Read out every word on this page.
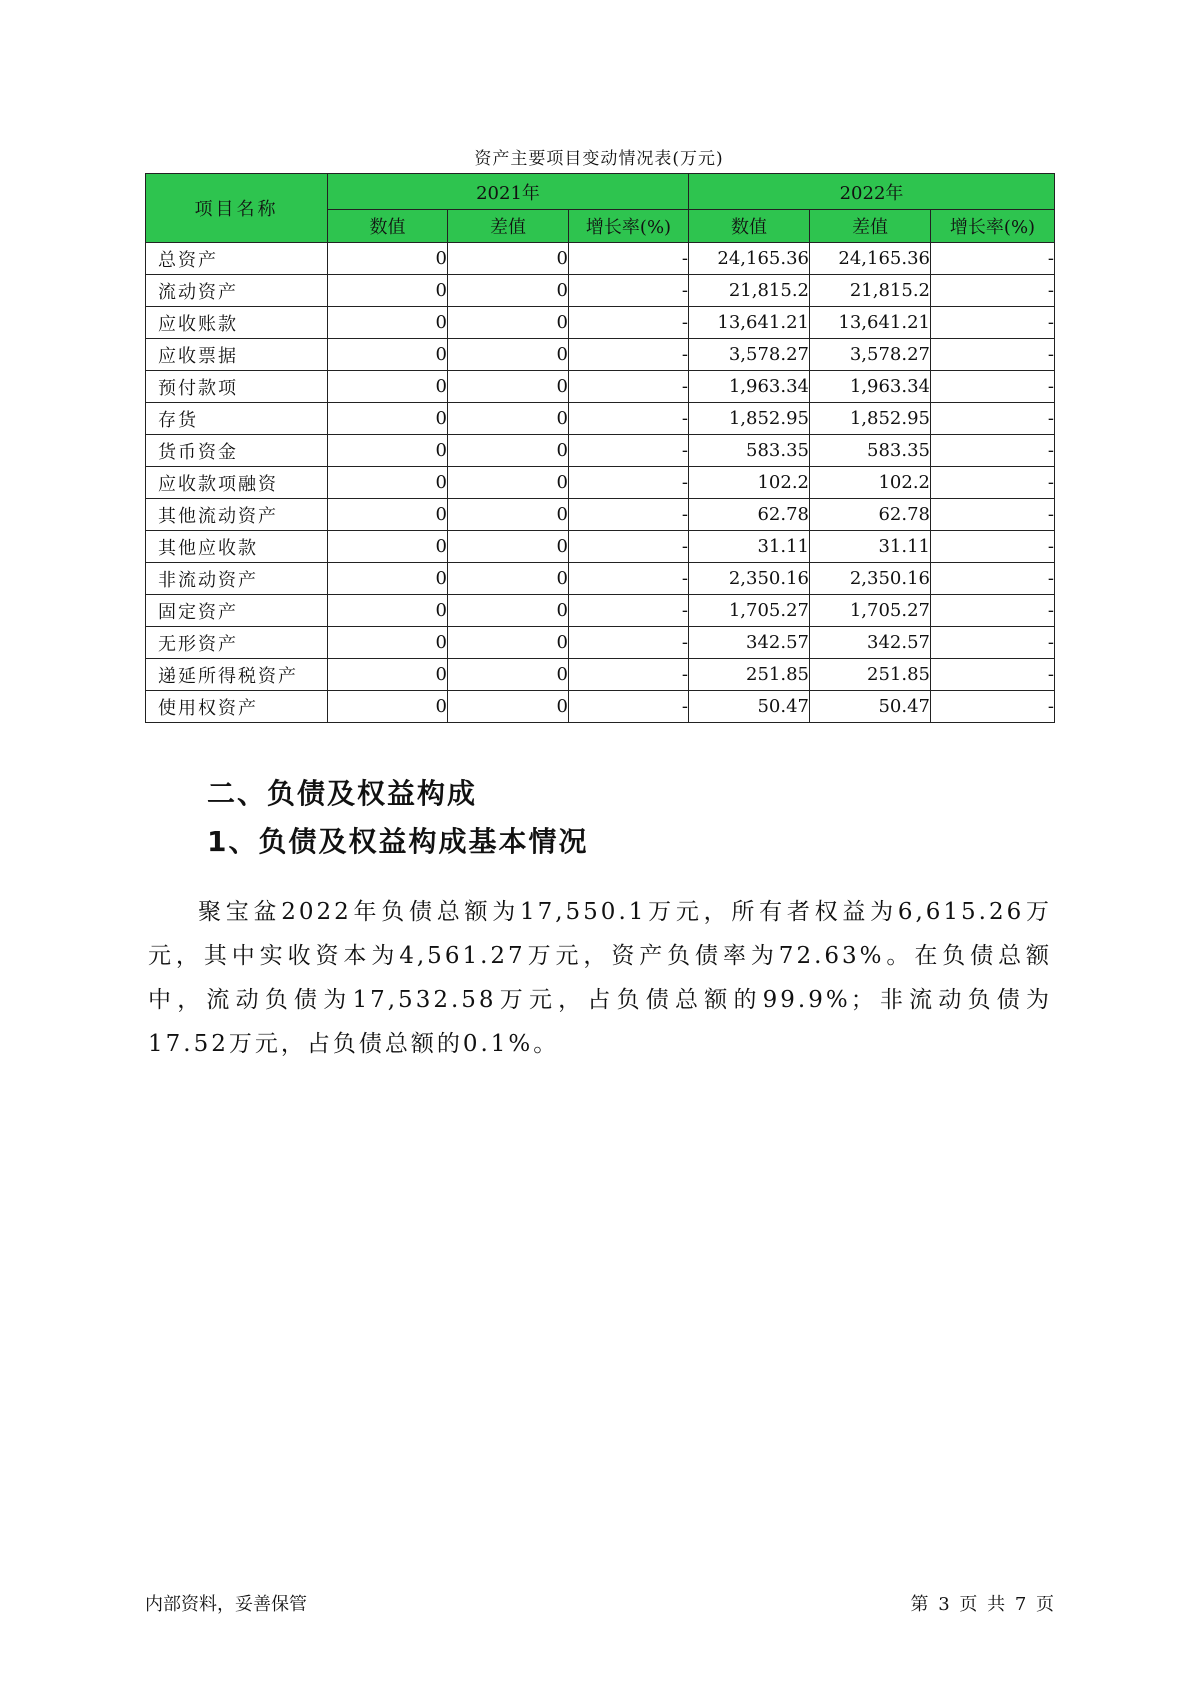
资产主要项目变动情况表(万元)
项目名称	2021年			2022年		
	数值	差值	增长率(%)	数值	差值	增长率(%)
总资产	0	0	-	24,165.36	24,165.36	-
流动资产	0	0	-	21,815.2	21,815.2	-
应收账款	0	0	-	13,641.21	13,641.21	-
应收票据	0	0	-	3,578.27	3,578.27	-
预付款项	0	0	-	1,963.34	1,963.34	-
存货	0	0	-	1,852.95	1,852.95	-
货币资金	0	0	-	583.35	583.35	-
应收款项融资	0	0	-	102.2	102.2	-
其他流动资产	0	0	-	62.78	62.78	-
其他应收款	0	0	-	31.11	31.11	-
非流动资产	0	0	-	2,350.16	2,350.16	-
固定资产	0	0	-	1,705.27	1,705.27	-
无形资产	0	0	-	342.57	342.57	-
递延所得税资产	0	0	-	251.85	251.85	-
使用权资产	0	0	-	50.47	50.47	-
二、负债及权益构成
1、负债及权益构成基本情况
聚宝盆2022年负债总额为17,550.1万元，所有者权益为6,615.26万元，其中实收资本为4,561.27万元，资产负债率为72.63%。在负债总额中，流动负债为17,532.58万元，占负债总额的99.9%；非流动负债为17.52万元，占负债总额的0.1%。
内部资料，妥善保管	第 3 页 共 7 页
